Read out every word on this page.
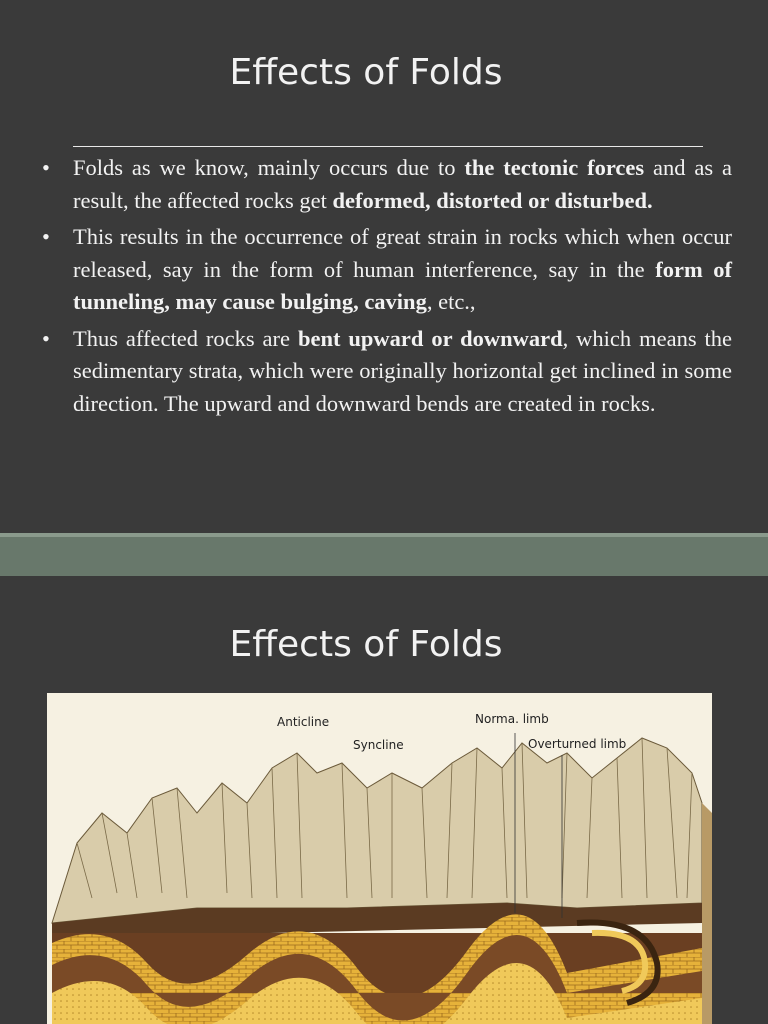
Effects of Folds
• Folds as we know, mainly occurs due to the tectonic forces and as a result, the affected rocks get deformed, distorted or disturbed.
• This results in the occurrence of great strain in rocks which when occur released, say in the form of human interference, say in the form of tunneling, may cause bulging, caving, etc.,
• Thus affected rocks are bent upward or downward, which means the sedimentary strata, which were originally horizontal get inclined in some direction. The upward and downward bends are created in rocks.
Effects of Folds
Anticline
Syncline
Norma. limb
Overturned limb
